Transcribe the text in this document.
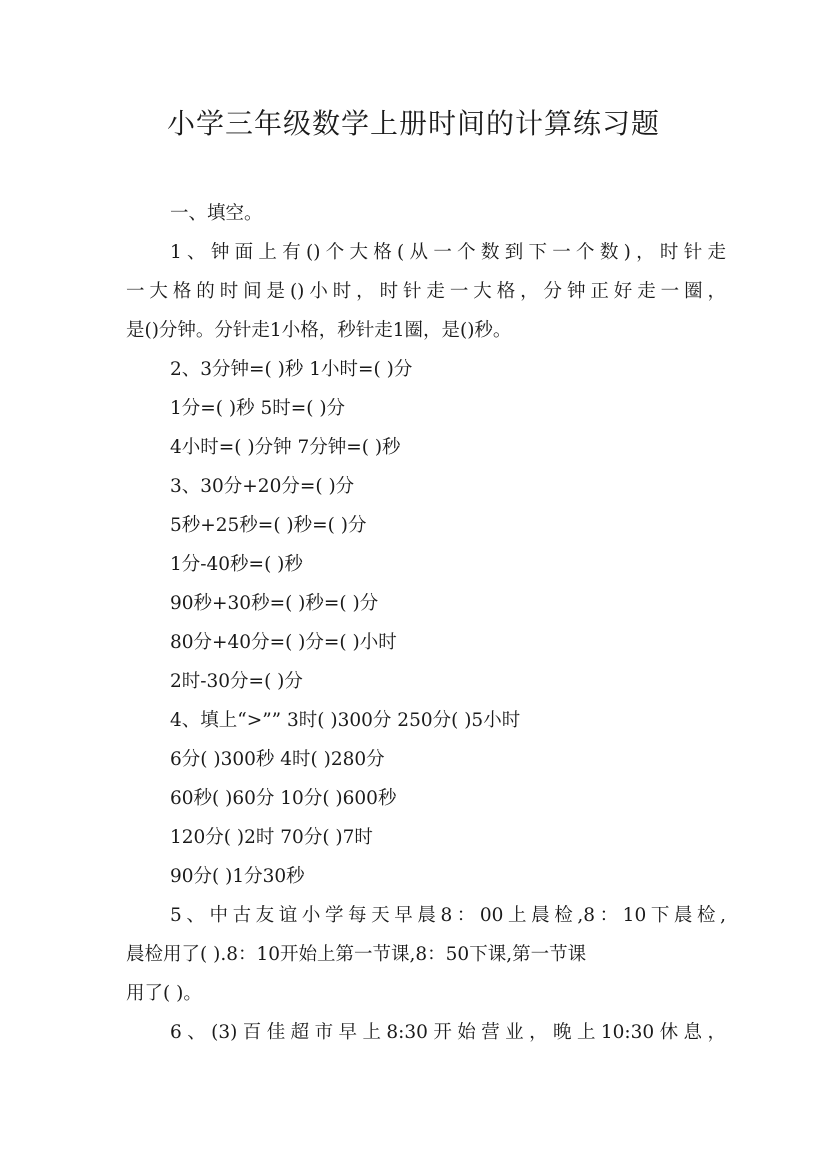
小学三年级数学上册时间的计算练习题
一、填空。
1、钟面上有()个大格(从一个数到下一个数)，时针走
一大格的时间是()小时，时针走一大格，分钟正好走一圈，
是()分钟。分针走1小格，秒针走1圈，是()秒。
2、3分钟=( )秒 1小时=( )分
1分=( )秒 5时=( )分
4小时=( )分钟 7分钟=( )秒
3、30分+20分=( )分
5秒+25秒=( )秒=( )分
1分-40秒=( )秒
90秒+30秒=( )秒=( )分
80分+40分=( )分=( )小时
2时-30分=( )分
4、填上“>”” 3时( )300分 250分( )5小时
6分( )300秒 4时( )280分
60秒( )60分 10分( )600秒
120分( )2时 70分( )7时
90分( )1分30秒
5、中古友谊小学每天早晨8：00上晨检,8：10下晨检,
晨检用了( ).8：10开始上第一节课,8：50下课,第一节课
用了( )。
6、(3)百佳超市早上8:30开始营业，晚上10:30休息，
